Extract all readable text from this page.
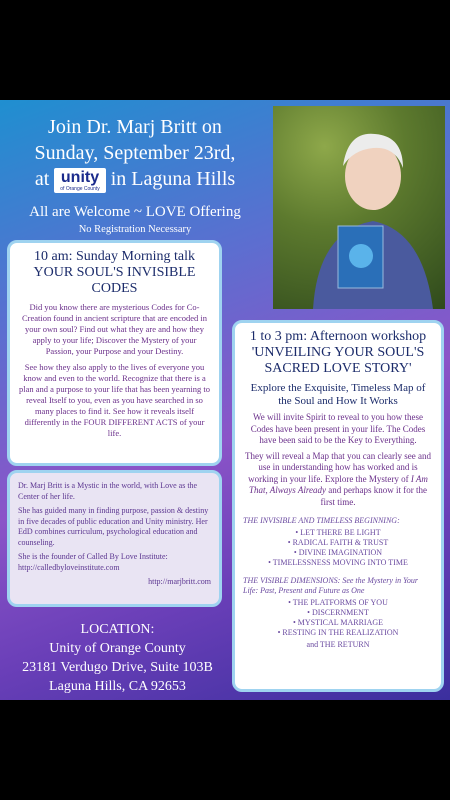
Join Dr. Marj Britt on
Sunday, September 23rd,
at unity
of Orange County in Laguna Hills
All are Welcome ~ LOVE Offering
No Registration Necessary
10 am: Sunday Morning talk
YOUR SOUL'S INVISIBLE CODES

Did you know there are mysterious Codes for Co-Creation found in ancient scripture that are encoded in your own soul? Find out what they are and how they apply to your life; Discover the Mystery of your Passion, your Purpose and your Destiny.

See how they also apply to the lives of everyone you know and even to the world. Recognize that there is a plan and a purpose to your life that has been yearning to reveal Itself to you, even as you have searched in so many places to find it. See how it reveals itself differently in the FOUR DIFFERENT ACTS of your life.

Dr. Marj Britt is a Mystic in the world, with Love as the Center of her life.

She has guided many in finding purpose, passion & destiny in five decades of public education and Unity ministry. Her EdD combines curriculum, psychological education and counseling.

She is the founder of Called By Love Institute: http://calledbyloveinstitute.com

http://marjbritt.com

1 to 3 pm: Afternoon workshop
'UNVEILING YOUR SOUL'S SACRED LOVE STORY'
Explore the Exquisite, Timeless Map of the Soul and How It Works

We will invite Spirit to reveal to you how these Codes have been present in your life. The Codes have been said to be the Key to Everything.

They will reveal a Map that you can clearly see and use in understanding how has worked and is working in your life. Explore the Mystery of I Am That, Always Already and perhaps know it for the first time.

THE INVISIBLE AND TIMELESS BEGINNING:
• LET THERE BE LIGHT
• RADICAL FAITH & TRUST
• DIVINE IMAGINATION
• TIMELESSNESS MOVING INTO TIME
THE VISIBLE DIMENSIONS: See the Mystery in Your Life: Past, Present and Future as One
• THE PLATFORMS OF YOU
• DISCERNMENT
• MYSTICAL MARRIAGE
• RESTING IN THE REALIZATION
and THE RETURN
LOCATION:
Unity of Orange County
23181 Verdugo Drive, Suite 103B
Laguna Hills, CA 92653
